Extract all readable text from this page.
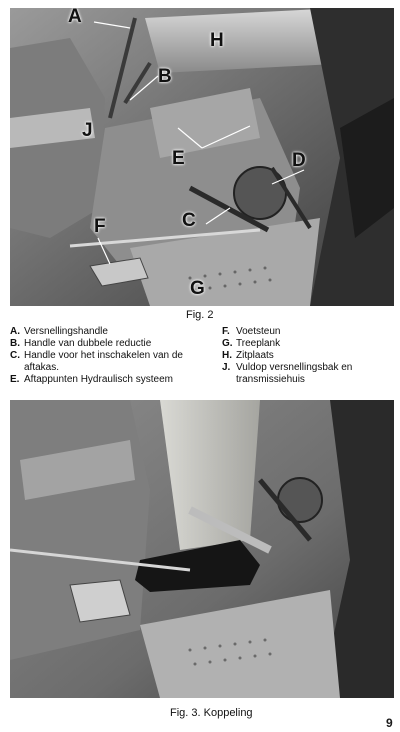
A
B
C
D
E
F
G
H
J
Fig. 2
A. Versnellingshandle
B. Handle van dubbele reductie
C. Handle voor het inschakelen van de aftakas.
E. Aftappunten Hydraulisch systeem
F. Voetsteun
G. Treeplank
H. Zitplaats
J. Vuldop versnellingsbak en transmissiehuis
Fig. 3. Koppeling
9
